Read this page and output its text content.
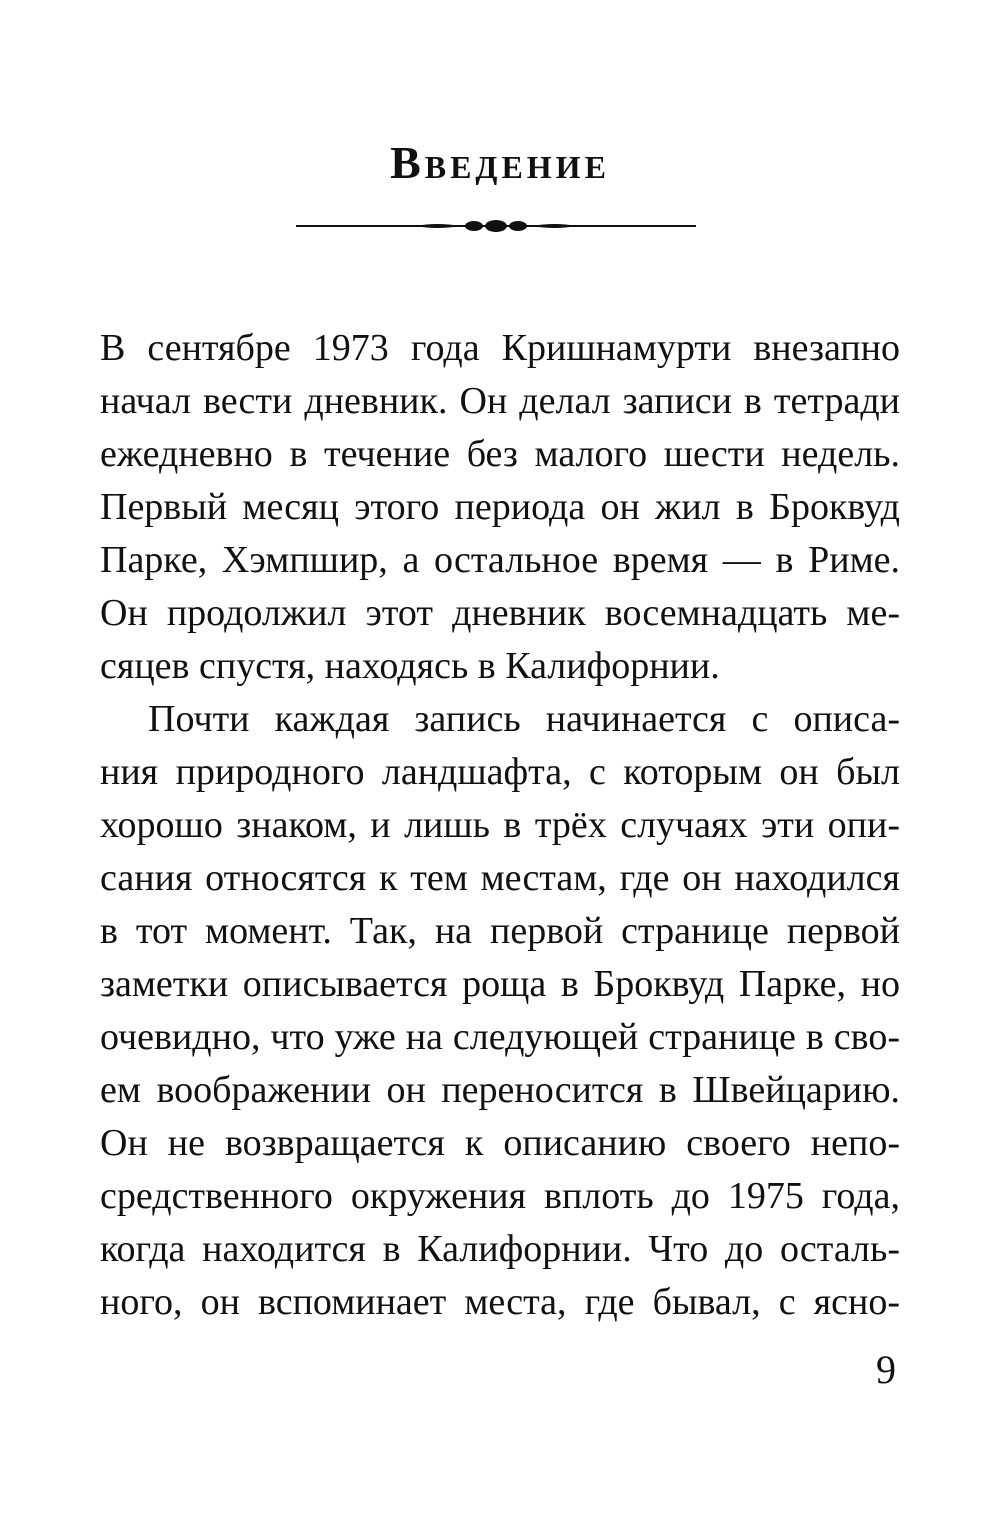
Введение
В сентябре 1973 года Кришнамурти внезапно
начал вести дневник. Он делал записи в тетради
ежедневно в течение без малого шести недель.
Первый месяц этого периода он жил в Броквуд
Парке, Хэмпшир, а остальное время — в Риме.
Он продолжил этот дневник восемнадцать ме-
сяцев спустя, находясь в Калифорнии.
Почти каждая запись начинается с описа-
ния природного ландшафта, с которым он был
хорошо знаком, и лишь в трёх случаях эти опи-
сания относятся к тем местам, где он находился
в тот момент. Так, на первой странице первой
заметки описывается роща в Броквуд Парке, но
очевидно, что уже на следующей странице в сво-
ем воображении он переносится в Швейцарию.
Он не возвращается к описанию своего непо-
средственного окружения вплоть до 1975 года,
когда находится в Калифорнии. Что до осталь-
ного, он вспоминает места, где бывал, с ясно-
9
